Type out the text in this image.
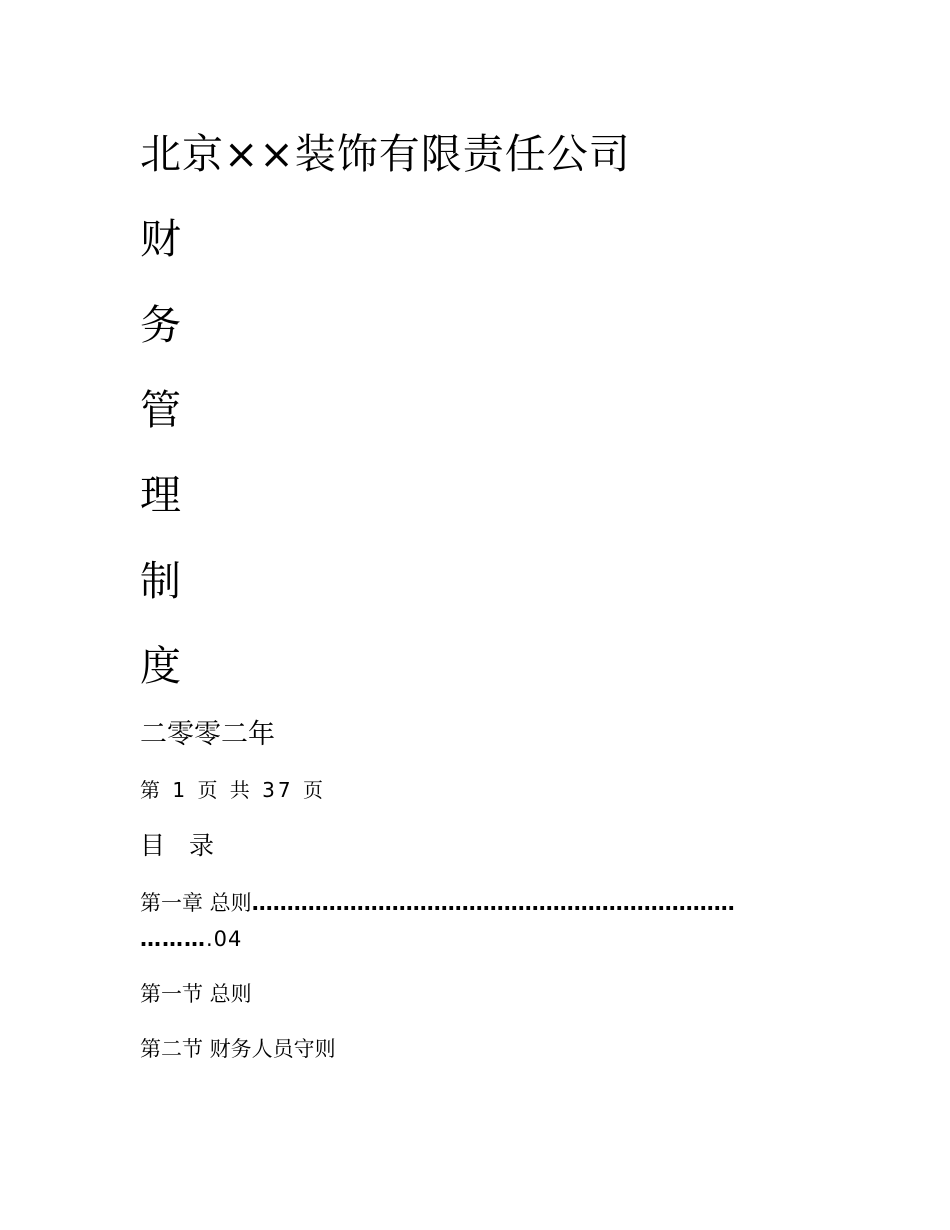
北京××装饰有限责任公司
财
务
管
理
制
度
二零零二年
第 1 页 共 37 页
目 录
第一章 总则……………………………………………………………
……….04
第一节 总则
第二节 财务人员守则
